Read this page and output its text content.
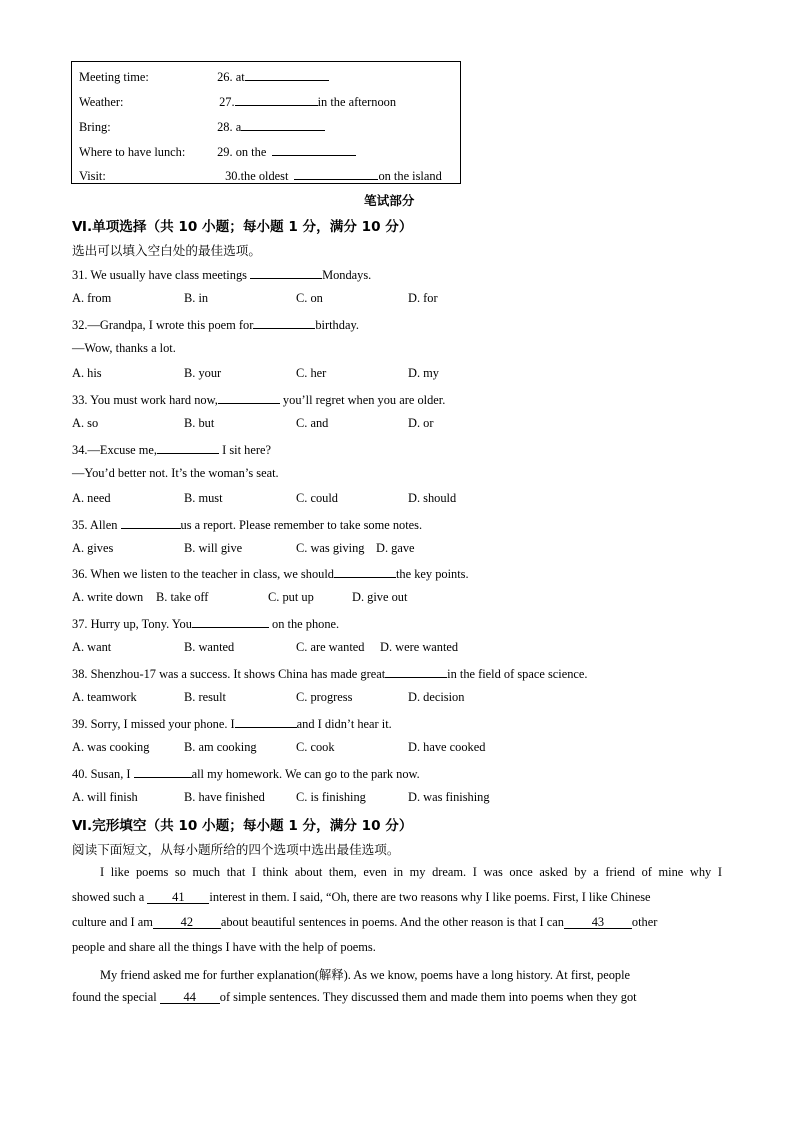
Meeting time:	26. at
Weather:	27.	in the afternoon
Bring:	28. a
Where to have lunch:	29. on the
Visit:	30.the oldest	on the island
笔试部分
Ⅵ.单项选择（共 10 小题；每小题 1 分，满分 10 分）
选出可以填入空白处的最佳选项。
31. We usually have class meetings	Mondays.
A. from	B. in	C. on	D. for
32.—Grandpa, I wrote this poem for	birthday.
—Wow, thanks a lot.
A. his	B. your	C. her	D. my
33. You must work hard now,	you’ll regret when you are older.
A. so	B. but	C. and	D. or
34.—Excuse me,	I sit here?
—You’d better not. It’s the woman’s seat.
A. need	B. must	C. could	D. should
35. Allen	us a report. Please remember to take some notes.
A. gives	B. will give	C. was giving D. gave
36. When we listen to the teacher in class, we should	the key points.
A. write down B. take off	C. put up	D. give out
37. Hurry up, Tony. You	on the phone.
A. want	B. wanted	C. are wanted D. were wanted
38. Shenzhou-17 was a success. It shows China has made great	in the field of space science.
A. teamwork	B. result	C. progress	D. decision
39. Sorry, I missed your phone. I	and I didn’t hear it.
A. was cooking	B. am cooking	C. cook	D. have cooked
40. Susan, I	all my homework. We can go to the park now.
A. will finish	B. have finished	C. is finishing	D. was finishing
Ⅵ.完形填空（共 10 小题；每小题 1 分，满分 10 分）
阅读下面短文，从每小题所给的四个选项中选出最佳选项。
I like poems so much that I think about them, even in my dream. I was once asked by a friend of mine why I
showed such a 41 interest in them. I said, “Oh, there are two reasons why I like poems. First, I like Chinese
culture and I am 42 about beautiful sentences in poems. And the other reason is that I can 43 other
people and share all the things I have with the help of poems.
My friend asked me for further explanation(解释). As we know, poems have a long history. At first, people
found the special 44 of simple sentences. They discussed them and made them into poems when they got
